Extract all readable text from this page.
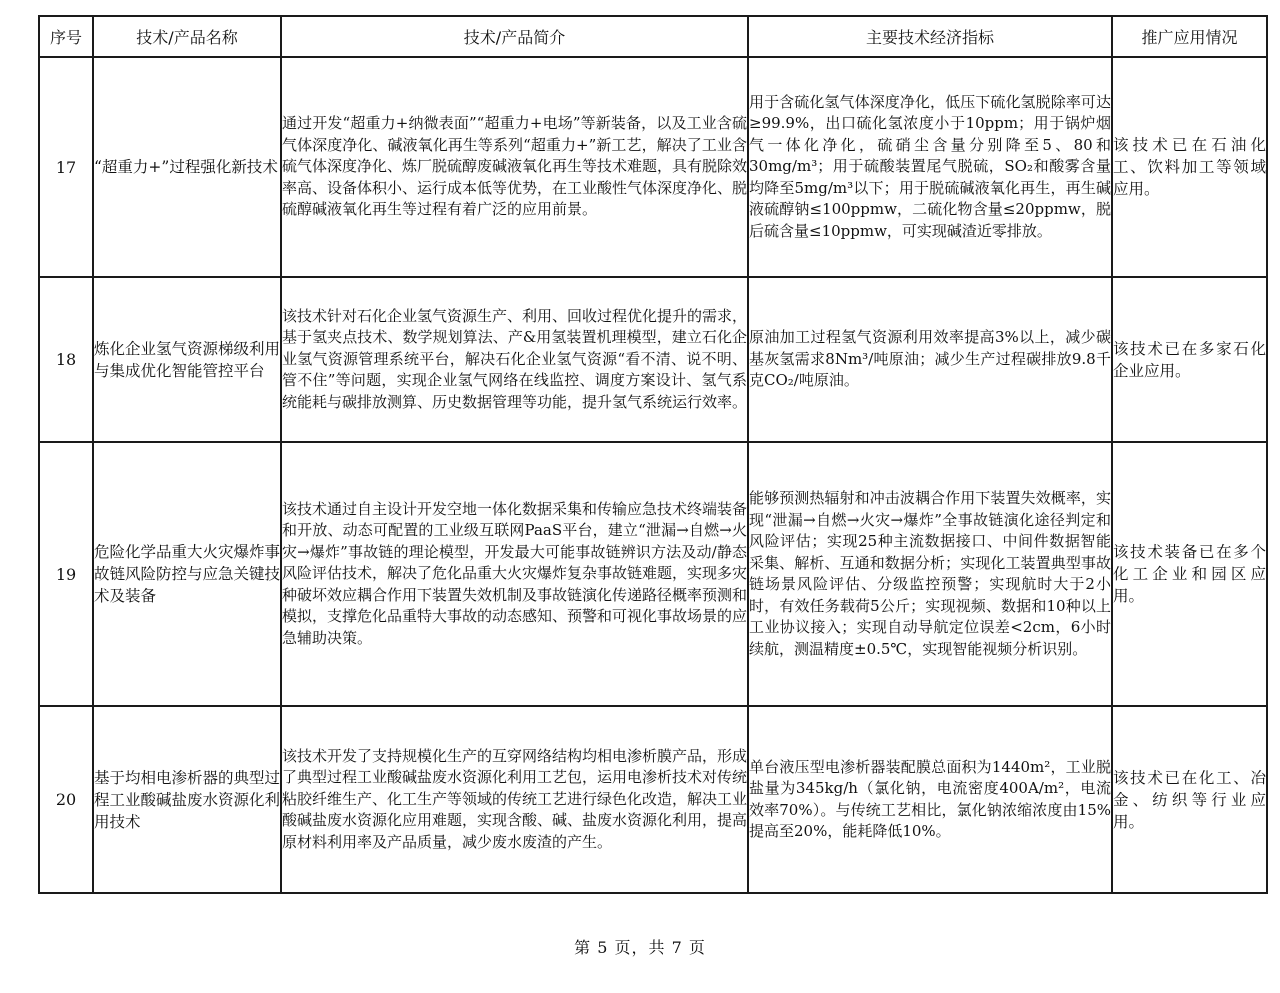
序号	技术/产品名称	技术/产品简介	主要技术经济指标	推广应用情况
17	“超重力+”过程强化新技术	通过开发“超重力+纳微表面”“超重力+电场”等新装备，以及工业含硫气体深度净化、碱液氧化再生等系列“超重力+”新工艺，解决了工业含硫气体深度净化、炼厂脱硫醇废碱液氧化再生等技术难题，具有脱除效率高、设备体积小、运行成本低等优势，在工业酸性气体深度净化、脱硫醇碱液氧化再生等过程有着广泛的应用前景。	用于含硫化氢气体深度净化，低压下硫化氢脱除率可达≥99.9%，出口硫化氢浓度小于10ppm；用于锅炉烟气一体化净化，硫硝尘含量分别降至5、80和30mg/m³；用于硫酸装置尾气脱硫，SO₂和酸雾含量均降至5mg/m³以下；用于脱硫碱液氧化再生，再生碱液硫醇钠≤100ppmw，二硫化物含量≤20ppmw，脱后硫含量≤10ppmw，可实现碱渣近零排放。	该技术已在石油化工、饮料加工等领域应用。
18	炼化企业氢气资源梯级利用与集成优化智能管控平台	该技术针对石化企业氢气资源生产、利用、回收过程优化提升的需求，基于氢夹点技术、数学规划算法、产&用氢装置机理模型，建立石化企业氢气资源管理系统平台，解决石化企业氢气资源“看不清、说不明、管不住”等问题，实现企业氢气网络在线监控、调度方案设计、氢气系统能耗与碳排放测算、历史数据管理等功能，提升氢气系统运行效率。	原油加工过程氢气资源利用效率提高3%以上，减少碳基灰氢需求8Nm³/吨原油；减少生产过程碳排放9.8千克CO₂/吨原油。	该技术已在多家石化企业应用。
19	危险化学品重大火灾爆炸事故链风险防控与应急关键技术及装备	该技术通过自主设计开发空地一体化数据采集和传输应急技术终端装备和开放、动态可配置的工业级互联网PaaS平台，建立“泄漏→自燃→火灾→爆炸”事故链的理论模型，开发最大可能事故链辨识方法及动/静态风险评估技术，解决了危化品重大火灾爆炸复杂事故链难题，实现多灾种破坏效应耦合作用下装置失效机制及事故链演化传递路径概率预测和模拟，支撑危化品重特大事故的动态感知、预警和可视化事故场景的应急辅助决策。	能够预测热辐射和冲击波耦合作用下装置失效概率，实现“泄漏→自燃→火灾→爆炸”全事故链演化途径判定和风险评估；实现25种主流数据接口、中间件数据智能采集、解析、互通和数据分析；实现化工装置典型事故链场景风险评估、分级监控预警；实现航时大于2小时，有效任务载荷5公斤；实现视频、数据和10种以上工业协议接入；实现自动导航定位误差<2cm，6小时续航，测温精度±0.5℃，实现智能视频分析识别。	该技术装备已在多个化工企业和园区应用。
20	基于均相电渗析器的典型过程工业酸碱盐废水资源化利用技术	该技术开发了支持规模化生产的互穿网络结构均相电渗析膜产品，形成了典型过程工业酸碱盐废水资源化利用工艺包，运用电渗析技术对传统粘胶纤维生产、化工生产等领域的传统工艺进行绿色化改造，解决工业酸碱盐废水资源化应用难题，实现含酸、碱、盐废水资源化利用，提高原材料利用率及产品质量，减少废水废渣的产生。	单台液压型电渗析器装配膜总面积为1440m²，工业脱盐量为345kg/h（氯化钠，电流密度400A/m²，电流效率70%）。与传统工艺相比，氯化钠浓缩浓度由15%提高至20%，能耗降低10%。	该技术已在化工、冶金、纺织等行业应用。
第 5 页，共 7 页
